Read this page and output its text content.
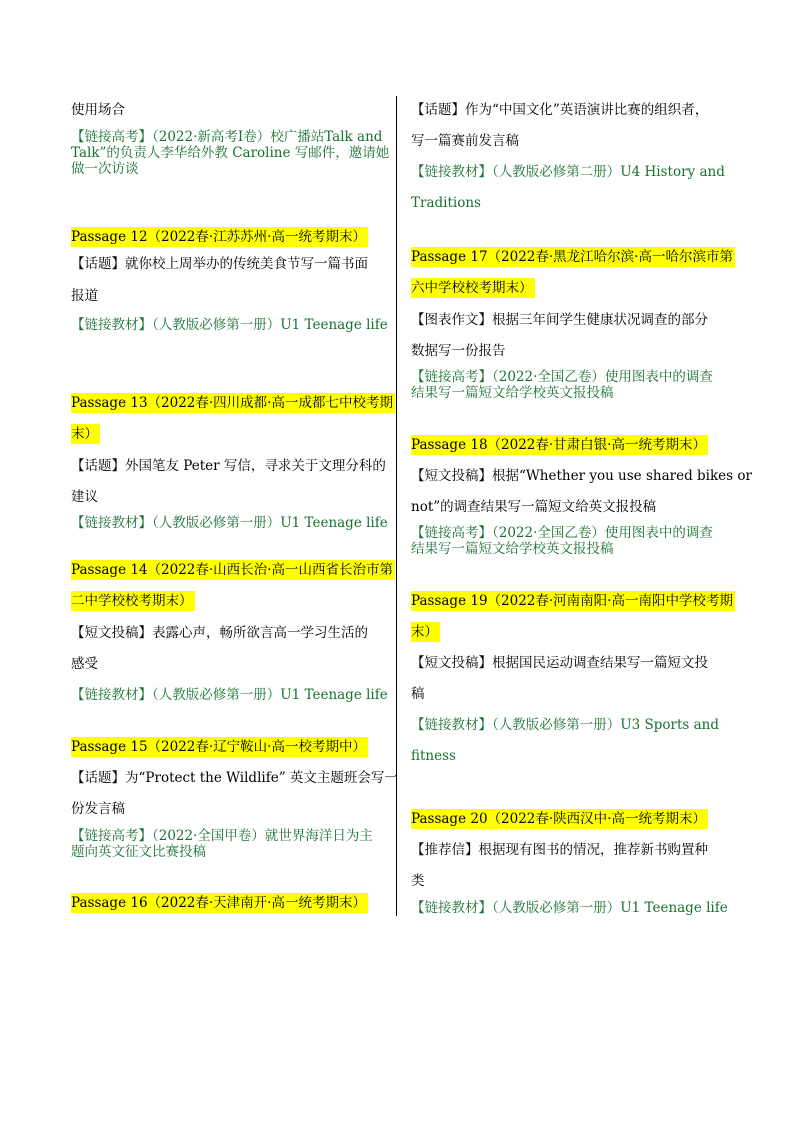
使用场合
【链接高考】（2022·新高考Ⅰ卷）校广播站Talk and
Talk”的负责人李华给外教 Caroline 写邮件，邀请她
做一次访谈
Passage 12（2022春·江苏苏州·高一统考期末）
【话题】就你校上周举办的传统美食节写一篇书面
报道
【链接教材】（人教版必修第一册）U1 Teenage life
Passage 13（2022春·四川成都·高一成都七中校考期
末）
【话题】外国笔友 Peter 写信，寻求关于文理分科的
建议
【链接教材】（人教版必修第一册）U1 Teenage life
Passage 14（2022春·山西长治·高一山西省长治市第
二中学校校考期末）
【短文投稿】表露心声，畅所欲言高一学习生活的
感受
【链接教材】（人教版必修第一册）U1 Teenage life
Passage 15（2022春·辽宁鞍山·高一校考期中）
【话题】为“Protect the Wildlife” 英文主题班会写一
份发言稿
【链接高考】（2022·全国甲卷）就世界海洋日为主
题向英文征文比赛投稿
Passage 16（2022春·天津南开·高一统考期末）
【话题】作为“中国文化”英语演讲比赛的组织者，
写一篇赛前发言稿
【链接教材】（人教版必修第二册）U4 History and
Traditions
Passage 17（2022春·黑龙江哈尔滨·高一哈尔滨市第
六中学校校考期末）
【图表作文】根据三年间学生健康状况调查的部分
数据写一份报告
【链接高考】（2022·全国乙卷）使用图表中的调查
结果写一篇短文给学校英文报投稿
Passage 18（2022春·甘肃白银·高一统考期末）
【短文投稿】根据“Whether you use shared bikes or
not”的调查结果写一篇短文给英文报投稿
【链接高考】（2022·全国乙卷）使用图表中的调查
结果写一篇短文给学校英文报投稿
Passage 19（2022春·河南南阳·高一南阳中学校考期
末）
【短文投稿】根据国民运动调查结果写一篇短文投
稿
【链接教材】（人教版必修第一册）U3 Sports and
fitness
Passage 20（2022春·陕西汉中·高一统考期末）
【推荐信】根据现有图书的情况，推荐新书购置种
类
【链接教材】（人教版必修第一册）U1 Teenage life
